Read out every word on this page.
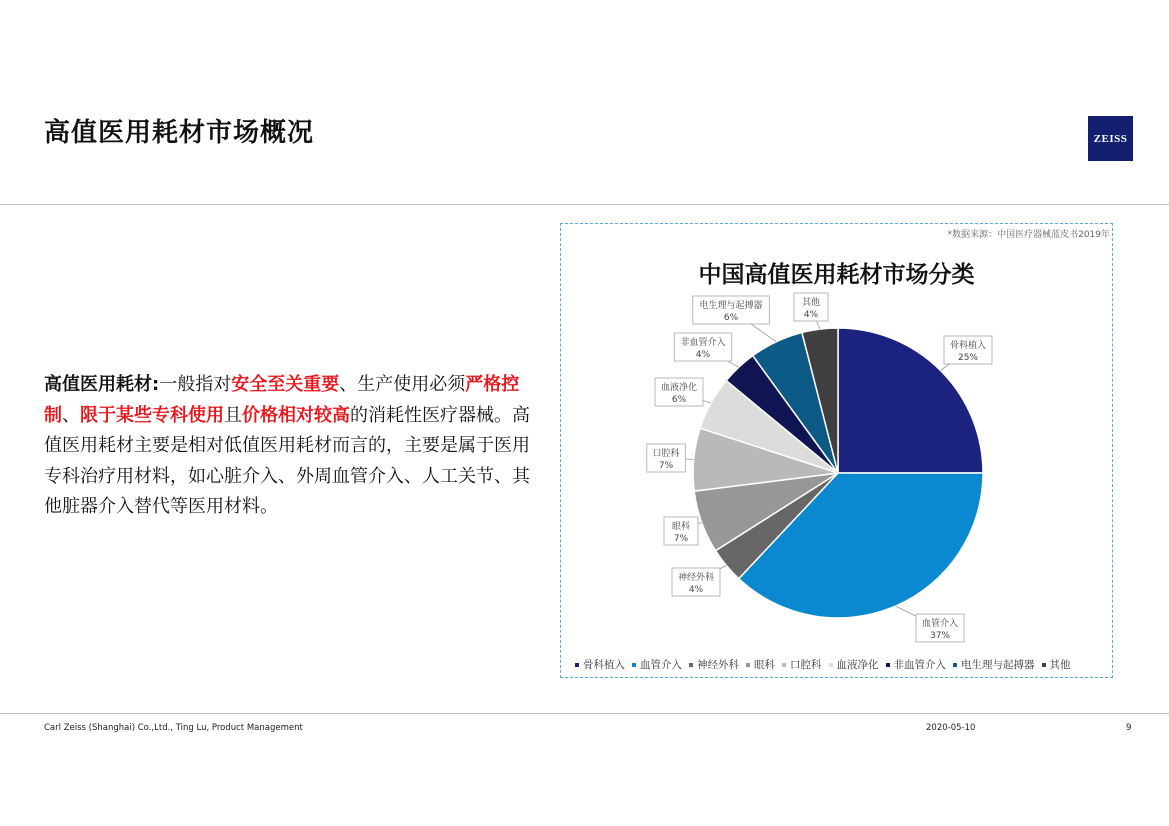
高值医用耗材市场概况	ZEISS
高值医用耗材:一般指对安全至关重要、生产使用必须严格控制、限于某些专科使用且价格相对较高的消耗性医疗器械。高值医用耗材主要是相对低值医用耗材而言的，主要是属于医用专科治疗用材料，如心脏介入、外周血管介入、人工关节、其他脏器介入替代等医用材料。
*数据来源：中国医疗器械蓝皮书2019年
中国高值医用耗材市场分类
骨科植入
25%
血管介入
37%
神经外科
4%
眼科
7%
口腔科
7%
血液净化
6%
非血管介入
4%
电生理与起搏器
6%
其他
4%
骨科植入 血管介入 神经外科 眼科 口腔科 血液净化 非血管介入 电生理与起搏器 其他
Carl Zeiss (Shanghai) Co.,Ltd., Ting Lu, Product Management	2020-05-10	9
